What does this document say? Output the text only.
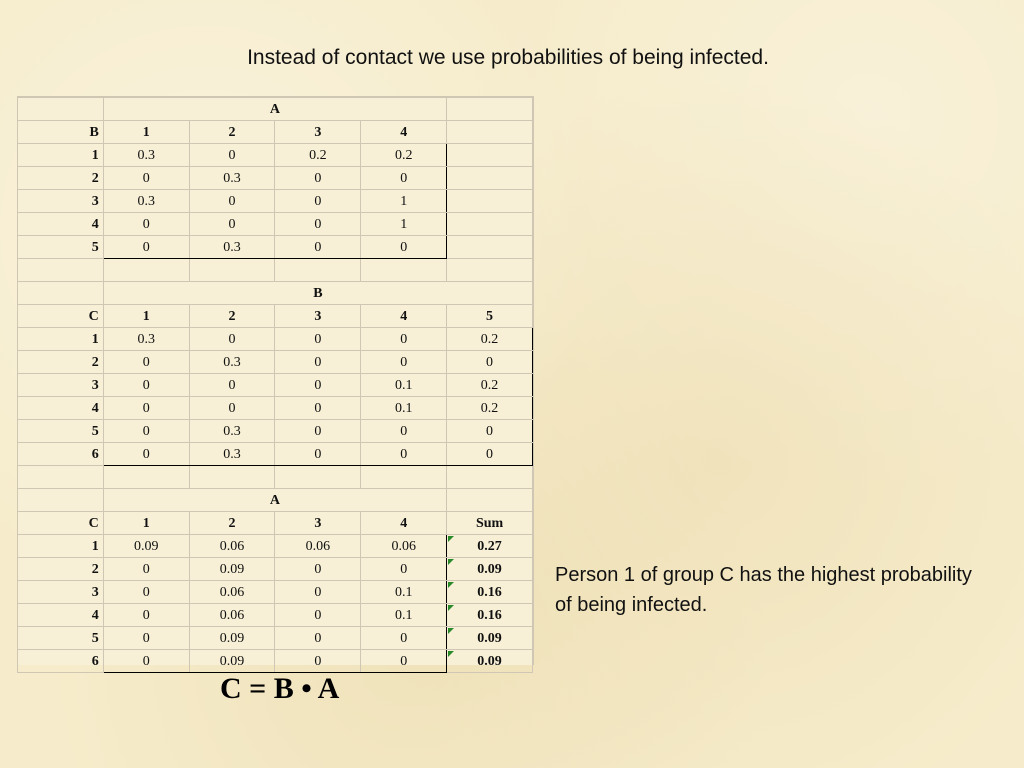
Instead of contact we use probabilities of being infected.
	A				
B	1	2	3	4	
1	0.3	0	0.2	0.2	
2	0	0.3	0	0	
3	0.3	0	0	1	
4	0	0	0	1	
5	0	0.3	0	0	

	B				
C	1	2	3	4	5
1	0.3	0	0	0	0.2
2	0	0.3	0	0	0
3	0	0	0	0.1	0.2
4	0	0	0	0.1	0.2
5	0	0.3	0	0	0
6	0	0.3	0	0	0

	A				
C	1	2	3	4	Sum
1	0.09	0.06	0.06	0.06	0.27
2	0	0.09	0	0	0.09
3	0	0.06	0	0.1	0.16
4	0	0.06	0	0.1	0.16
5	0	0.09	0	0	0.09
6	0	0.09	0	0	0.09
Person 1 of group C has the highest probability of being infected.
C = B • A
